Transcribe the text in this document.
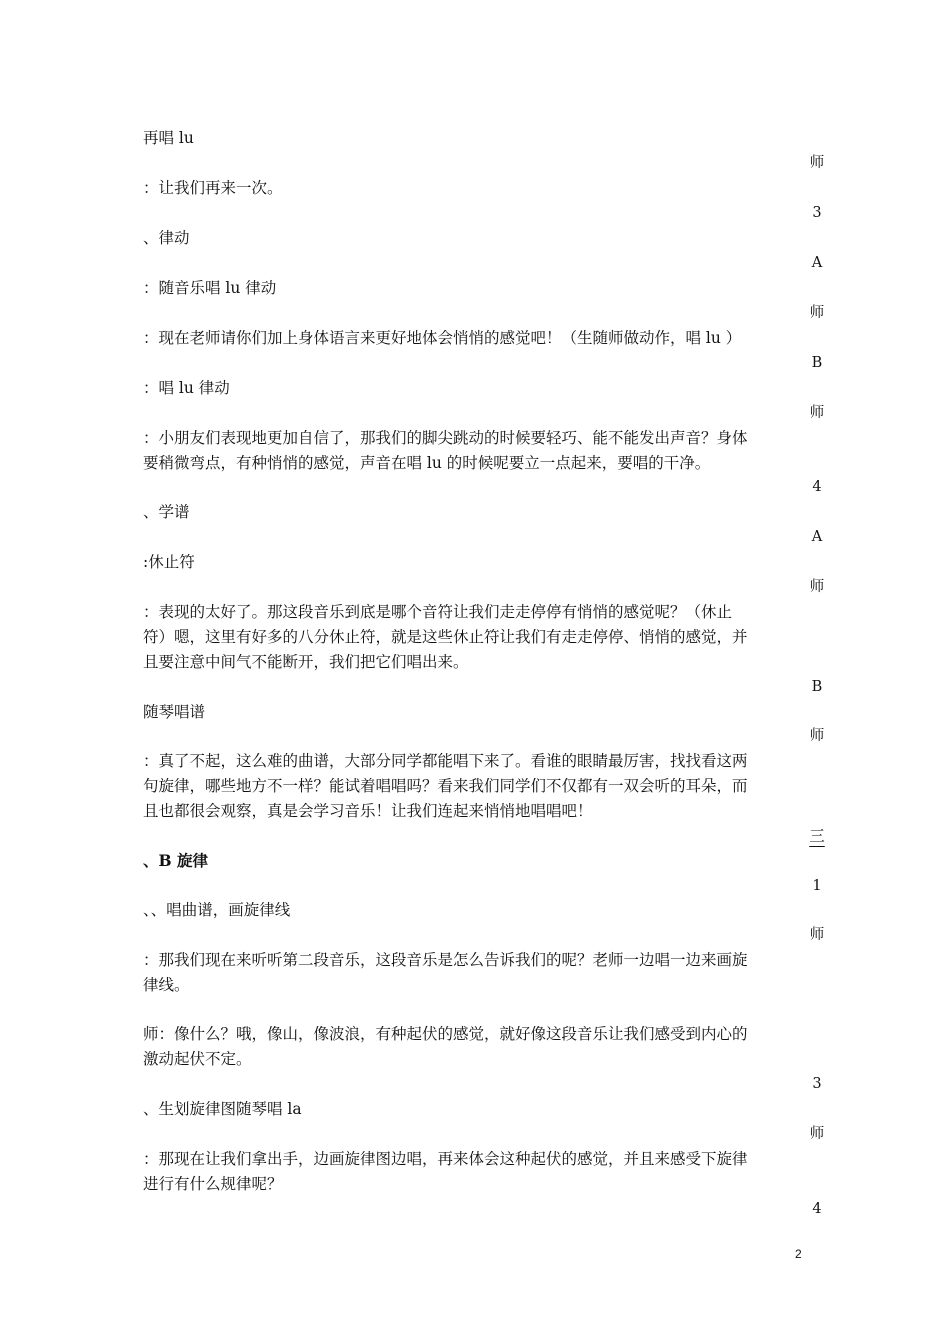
再唱 lu
：让我们再来一次。
、律动
：随音乐唱 lu 律动
：现在老师请你们加上身体语言来更好地体会悄悄的感觉吧！（生随师做动作，唱 lu ）
：唱 lu 律动
：小朋友们表现地更加自信了，那我们的脚尖跳动的时候要轻巧、能不能发出声音？身体
要稍微弯点，有种悄悄的感觉，声音在唱 lu 的时候呢要立一点起来，要唱的干净。
、学谱
:休止符
：表现的太好了。那这段音乐到底是哪个音符让我们走走停停有悄悄的感觉呢？（休止
符）嗯，这里有好多的八分休止符，就是这些休止符让我们有走走停停、悄悄的感觉，并
且要注意中间气不能断开，我们把它们唱出来。
随琴唱谱
：真了不起，这么难的曲谱，大部分同学都能唱下来了。看谁的眼睛最厉害，找找看这两
句旋律，哪些地方不一样？能试着唱唱吗？看来我们同学们不仅都有一双会听的耳朵，而
且也都很会观察，真是会学习音乐！让我们连起来悄悄地唱唱吧！
、B 旋律
、、唱曲谱，画旋律线
：那我们现在来听听第二段音乐，这段音乐是怎么告诉我们的呢？老师一边唱一边来画旋
律线。
师：像什么？哦，像山，像波浪，有种起伏的感觉，就好像这段音乐让我们感受到内心的
激动起伏不定。
、生划旋律图随琴唱 la
：那现在让我们拿出手，边画旋律图边唱，再来体会这种起伏的感觉，并且来感受下旋律
进行有什么规律呢？
师
3
A
师
B
师
4
A
师
B
师
三
1
师
3
师
4
2
